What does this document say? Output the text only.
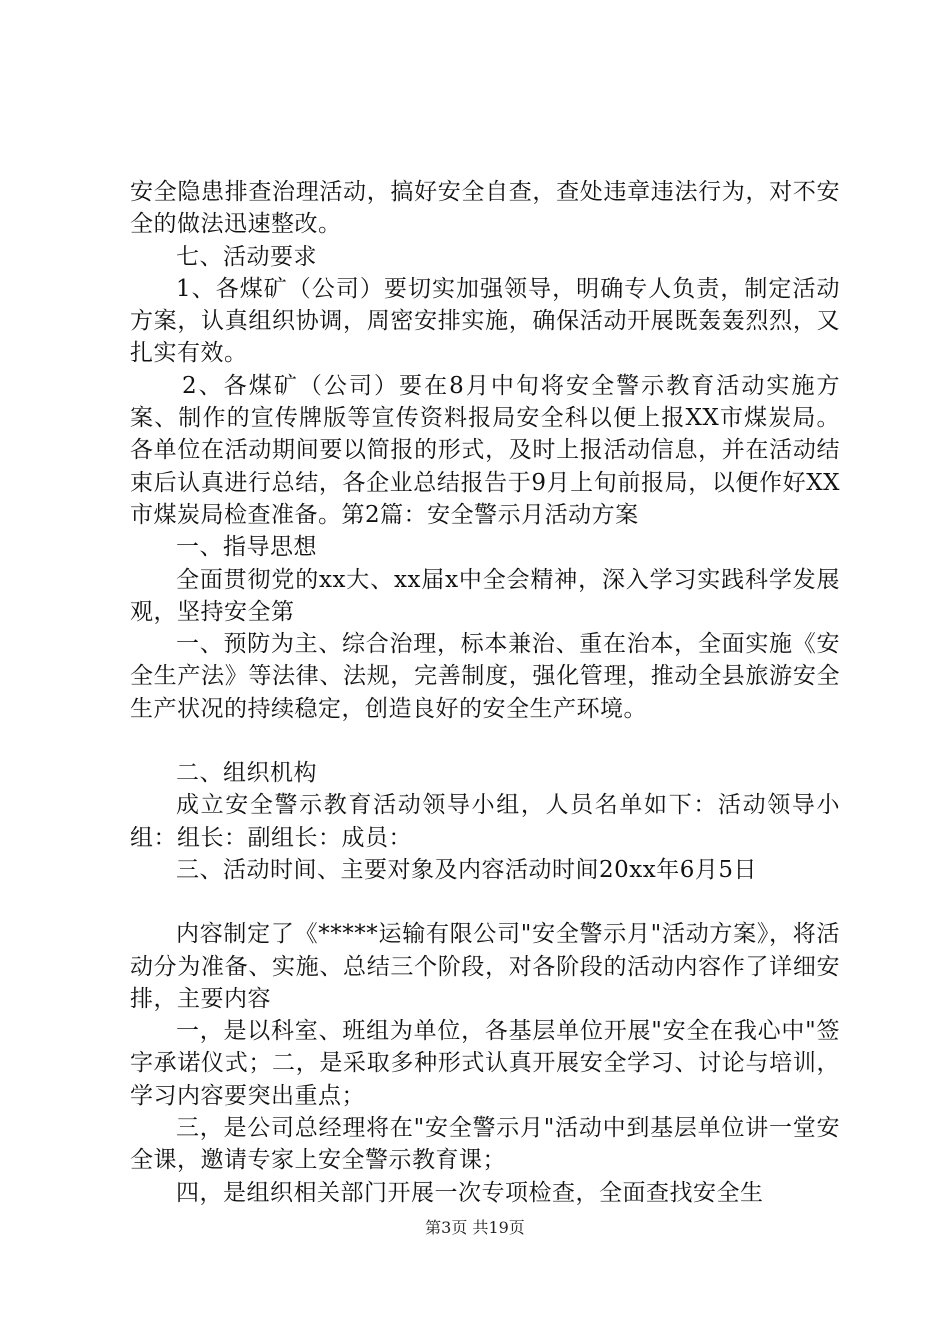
安全隐患排查治理活动，搞好安全自查，查处违章违法行为，对不安全的做法迅速整改。

七、活动要求

1、各煤矿（公司）要切实加强领导，明确专人负责，制定活动方案，认真组织协调，周密安排实施，确保活动开展既轰轰烈烈，又扎实有效。

2、各煤矿（公司）要在8月中旬将安全警示教育活动实施方案、制作的宣传牌版等宣传资料报局安全科以便上报XX市煤炭局。各单位在活动期间要以简报的形式，及时上报活动信息，并在活动结束后认真进行总结，各企业总结报告于9月上旬前报局，以便作好XX市煤炭局检查准备。第2篇：安全警示月活动方案

一、指导思想

全面贯彻党的xx大、xx届x中全会精神，深入学习实践科学发展观，坚持安全第

一、预防为主、综合治理，标本兼治、重在治本，全面实施《安全生产法》等法律、法规，完善制度，强化管理，推动全县旅游安全生产状况的持续稳定，创造良好的安全生产环境。

二、组织机构

成立安全警示教育活动领导小组，人员名单如下：活动领导小组：组长：副组长：成员：

三、活动时间、主要对象及内容活动时间20xx年6月5日

内容制定了《*****运输有限公司"安全警示月"活动方案》，将活动分为准备、实施、总结三个阶段，对各阶段的活动内容作了详细安排，主要内容

一，是以科室、班组为单位，各基层单位开展"安全在我心中"签字承诺仪式；二，是采取多种形式认真开展安全学习、讨论与培训，学习内容要突出重点；

三，是公司总经理将在"安全警示月"活动中到基层单位讲一堂安全课，邀请专家上安全警示教育课；

四，是组织相关部门开展一次专项检查，全面查找安全生

第3页 共19页
